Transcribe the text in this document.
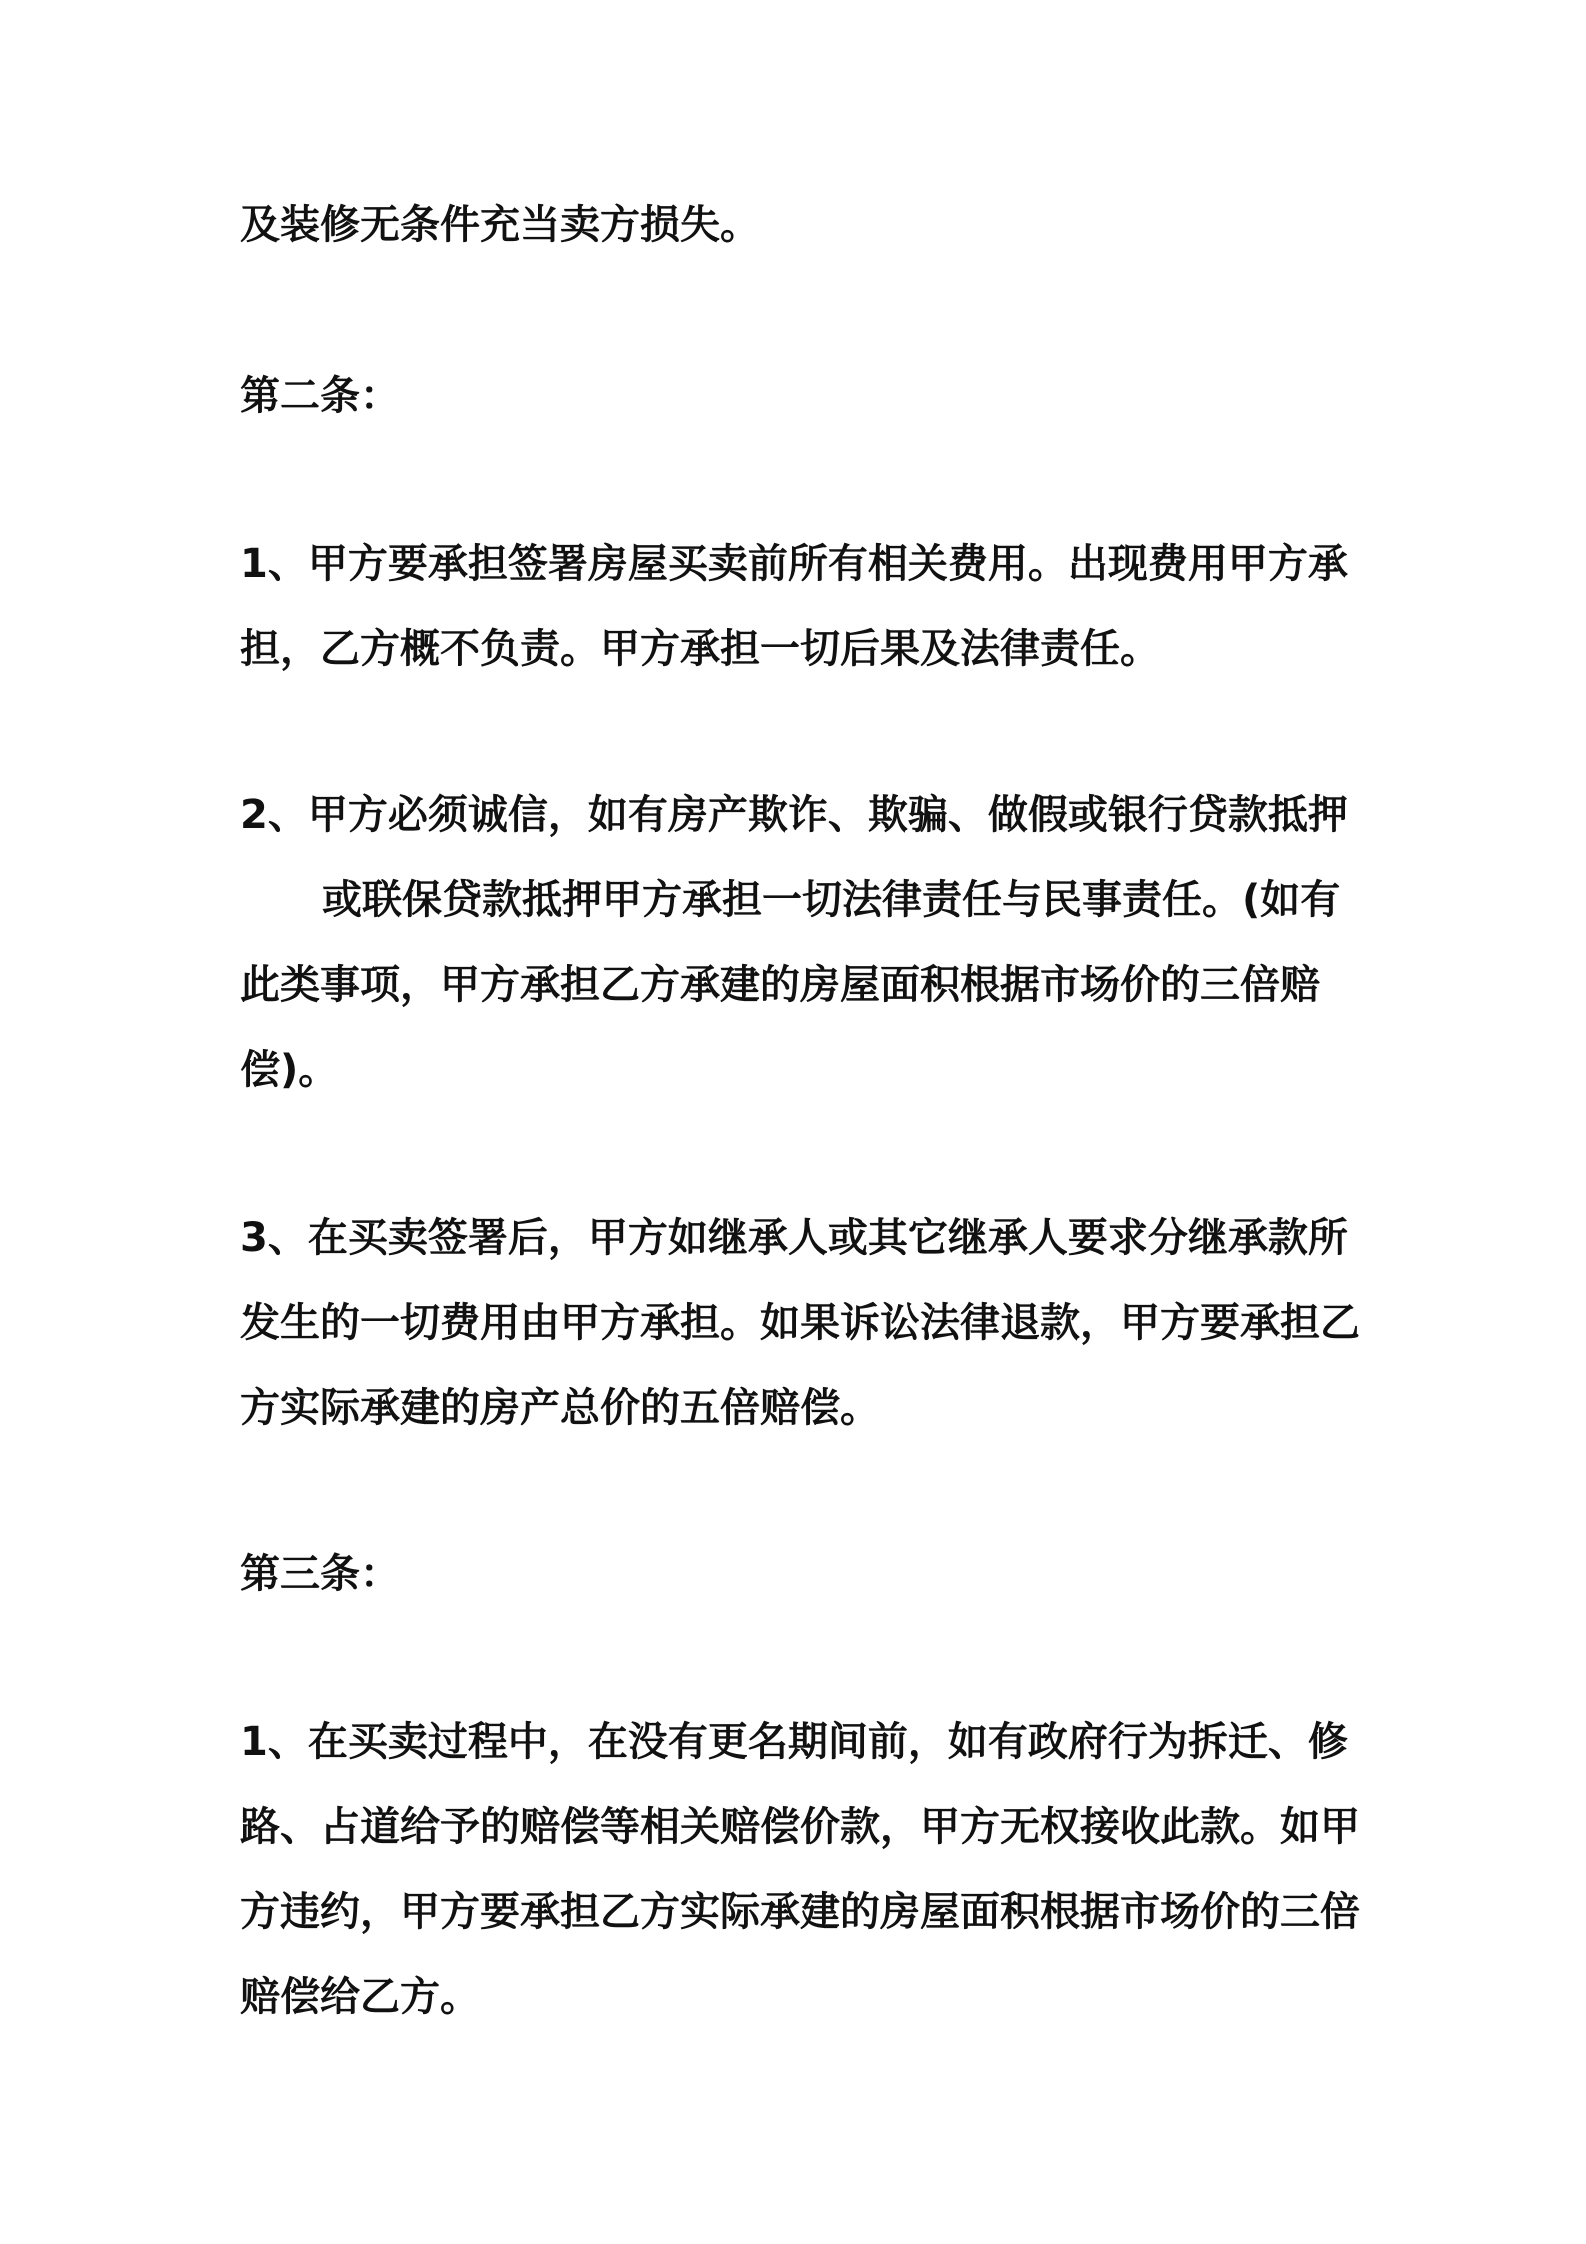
及装修无条件充当卖方损失。
第二条：
1、甲方要承担签署房屋买卖前所有相关费用。出现费用甲方承
担，乙方概不负责。甲方承担一切后果及法律责任。
2、甲方必须诚信，如有房产欺诈、欺骗、做假或银行贷款抵押
或联保贷款抵押甲方承担一切法律责任与民事责任。(如有
此类事项，甲方承担乙方承建的房屋面积根据市场价的三倍赔
偿)。
3、在买卖签署后，甲方如继承人或其它继承人要求分继承款所
发生的一切费用由甲方承担。如果诉讼法律退款，甲方要承担乙
方实际承建的房产总价的五倍赔偿。
第三条：
1、在买卖过程中，在没有更名期间前，如有政府行为拆迁、修
路、占道给予的赔偿等相关赔偿价款，甲方无权接收此款。如甲
方违约，甲方要承担乙方实际承建的房屋面积根据市场价的三倍
赔偿给乙方。
